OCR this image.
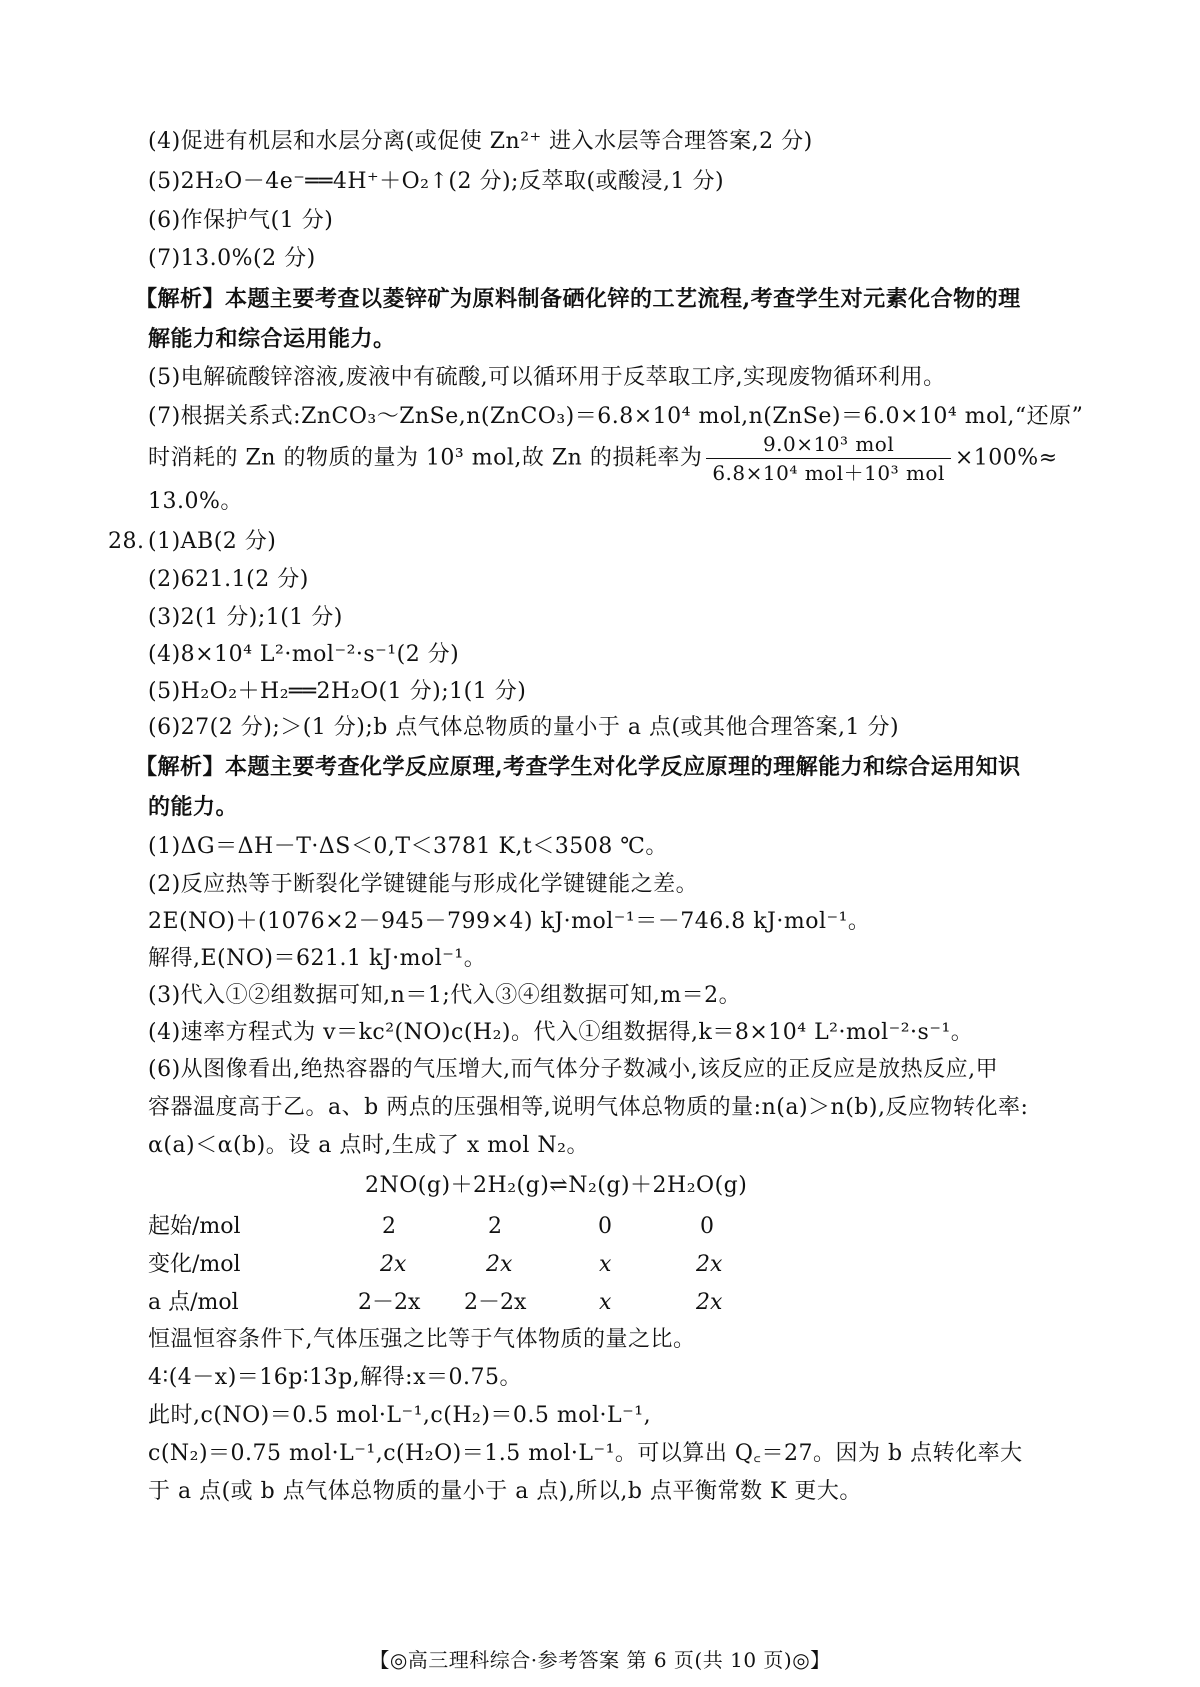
(4)促进有机层和水层分离(或促使 Zn²⁺ 进入水层等合理答案,2 分)
(5)2H₂O－4e⁻══4H⁺＋O₂↑(2 分);反萃取(或酸浸,1 分)
(6)作保护气(1 分)
(7)13.0%(2 分)
【解析】本题主要考查以菱锌矿为原料制备硒化锌的工艺流程,考查学生对元素化合物的理
解能力和综合运用能力。
(5)电解硫酸锌溶液,废液中有硫酸,可以循环用于反萃取工序,实现废物循环利用。
(7)根据关系式:ZnCO₃～ZnSe,n(ZnCO₃)＝6.8×10⁴ mol,n(ZnSe)＝6.0×10⁴ mol,“还原”
时消耗的 Zn 的物质的量为 10³ mol,故 Zn 的损耗率为 $\frac{\text{9.0×10³ mol}}{\text{6.8×10⁴ mol＋10³ mol}} \times 100\%\approx$
13.0%。
28. (1)AB(2 分)
(2)621.1(2 分)
(3)2(1 分);1(1 分)
(4)8×10⁴ L²·mol⁻²·s⁻¹(2 分)
(5)H₂O₂＋H₂══2H₂O(1 分);1(1 分)
(6)27(2 分);＞(1 分);b 点气体总物质的量小于 a 点(或其他合理答案,1 分)
【解析】本题主要考查化学反应原理,考查学生对化学反应原理的理解能力和综合运用知识
的能力。
(1)ΔG＝ΔH－T·ΔS＜0,T＜3781 K,t＜3508 ℃。
(2)反应热等于断裂化学键键能与形成化学键键能之差。
2E(NO)＋(1076×2－945－799×4) kJ·mol⁻¹＝－746.8 kJ·mol⁻¹。
解得,E(NO)＝621.1 kJ·mol⁻¹。
(3)代入①②组数据可知,n＝1;代入③④组数据可知,m＝2。
(4)速率方程式为 v＝kc²(NO)c(H₂)。代入①组数据得,k＝8×10⁴ L²·mol⁻²·s⁻¹。
(6)从图像看出,绝热容器的气压增大,而气体分子数减小,该反应的正反应是放热反应,甲
容器温度高于乙。a、b 两点的压强相等,说明气体总物质的量:n(a)＞n(b),反应物转化率:
α(a)＜α(b)。设 a 点时,生成了 x mol N₂。
2NO(g)＋2H₂(g)⇌N₂(g)＋2H₂O(g)
起始/mol	2	2	0	0
变化/mol	2x	2x	x	2x
a 点/mol	2－2x 2－2x	x	2x
恒温恒容条件下,气体压强之比等于气体物质的量之比。
4∶(4－x)＝16p∶13p,解得:x＝0.75。
此时,c(NO)＝0.5 mol·L⁻¹,c(H₂)＝0.5 mol·L⁻¹,
c(N₂)＝0.75 mol·L⁻¹,c(H₂O)＝1.5 mol·L⁻¹。可以算出 Q꜀＝27。因为 b 点转化率大
于 a 点(或 b 点气体总物质的量小于 a 点),所以,b 点平衡常数 K 更大。
【◎高三理科综合·参考答案 第 6 页(共 10 页)◎】
